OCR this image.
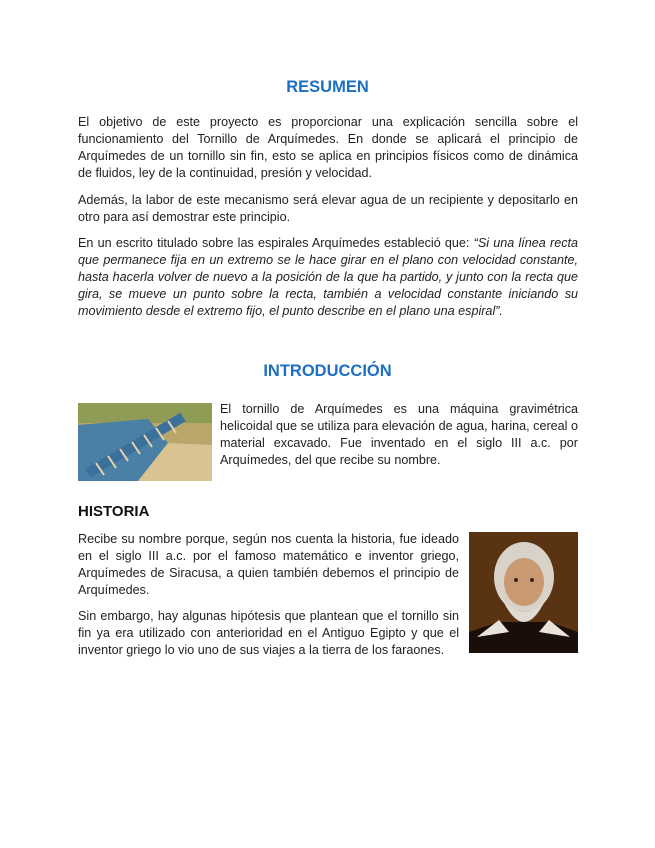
RESUMEN

El objetivo de este proyecto es proporcionar una explicación sencilla sobre el funcionamiento del Tornillo de Arquímedes. En donde se aplicará el principio de Arquímedes de un tornillo sin fin, esto se aplica en principios físicos como de dinámica de fluidos, ley de la continuidad, presión y velocidad.

Además, la labor de este mecanismo será elevar agua de un recipiente y depositarlo en otro para así demostrar este principio.

En un escrito titulado sobre las espirales Arquímedes estableció que: “Si una línea recta que permanece fija en un extremo se le hace girar en el plano con velocidad constante, hasta hacerla volver de nuevo a la posición de la que ha partido, y junto con la recta que gira, se mueve un punto sobre la recta, también a velocidad constante iniciando su movimiento desde el extremo fijo, el punto describe en el plano una espiral”.

INTRODUCCIÓN

El tornillo de Arquímedes es una máquina gravimétrica helicoidal que se utiliza para elevación de agua, harina, cereal o material excavado. Fue inventado en el siglo III a.c. por Arquímedes, del que recibe su nombre.

HISTORIA

Recibe su nombre porque, según nos cuenta la historia, fue ideado en el siglo III a.c. por el famoso matemático e inventor griego, Arquímedes de Siracusa, a quien también debemos el principio de Arquímedes.

Sin embargo, hay algunas hipótesis que plantean que el tornillo sin fin ya era utilizado con anterioridad en el Antiguo Egipto y que el inventor griego lo vio uno de sus viajes a la tierra de los faraones.
